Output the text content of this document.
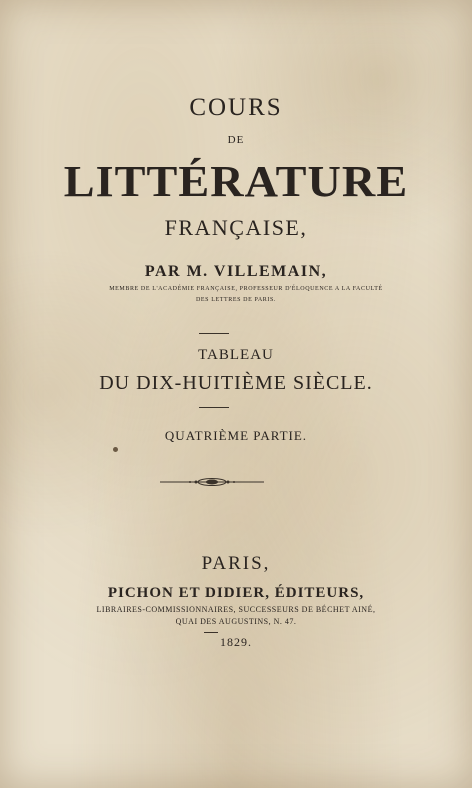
COURS
DE
LITTÉRATURE
FRANÇAISE,
PAR M. VILLEMAIN,
MEMBRE DE L'ACADÉMIE FRANÇAISE, PROFESSEUR D'ÉLOQUENCE A LA FACULTÉ
DES LETTRES DE PARIS.
TABLEAU
DU DIX-HUITIÈME SIÈCLE.
QUATRIÈME PARTIE.
PARIS,
PICHON ET DIDIER, ÉDITEURS,
LIBRAIRES-COMMISSIONNAIRES, SUCCESSEURS DE BÉCHET AINÉ,
QUAI DES AUGUSTINS, N. 47.
1829.
